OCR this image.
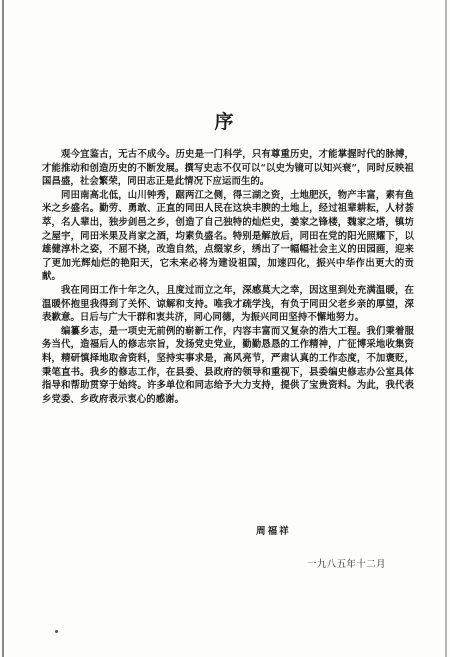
序

观今宜鉴古，无古不成今。历史是一门科学，只有尊重历史，才能掌握时代的脉搏，才能推动和创造历史的不断发展。撰写史志不仅可以“以史为镜可以知兴衰”，同时反映祖国昌盛，社会繁荣，同田志正是此情况下应运而生的。

同田南高北低，山川钟秀，踞两江之侧，得三湖之资，土地肥沃，物产丰富，素有鱼米之乡盛名。勤劳、勇敢、正直的同田人民在这块丰腴的土地上，经过祖辈耕耘，人材荟萃，名人辈出，独步剑邑之乡，创造了自己独特的灿烂史，姜家之锋楼，魏家之塔，镇坊之屋宇，同田米果及肖家之酒，均素负盛名。特别是解放后，同田在党的阳光照耀下，以雄健淳朴之姿，不屈不挠，改造自然，点缀家乡，绣出了一幅幅社会主义的田园画，迎来了更加光辉灿烂的艳阳天，它未来必将为建设祖国，加速四化，振兴中华作出更大的贡献。

我在同田工作十年之久，且度过而立之年，深感莫大之幸，因这里到处充满温暖，在温暖怀抱里我得到了关怀、谅解和支持。唯我才疏学浅，有负于同田父老乡亲的厚望，深表歉意。日后与广大干群和衷共济，同心同德，为振兴同田坚持不懈地努力。

编纂乡志，是一项史无前例的崭新工作，内容丰富而又复杂的浩大工程。我们秉着服务当代，造福后人的修志宗旨，发扬党史党业，勤勤恳恳的工作精神，广征博采地收集资料，精研慎择地取舍资料，坚持实事求是，高风亮节，严肃认真的工作态度，不加褒贬，秉笔直书。我乡的修志工作，在县委、县政府的领导和重视下，县委编史修志办公室具体指导和帮助贯穿于始终。许多单位和同志给予大力支持，提供了宝贵资料。为此，我代表乡党委、乡政府表示衷心的感谢。

周福祥
一九八五年十二月
